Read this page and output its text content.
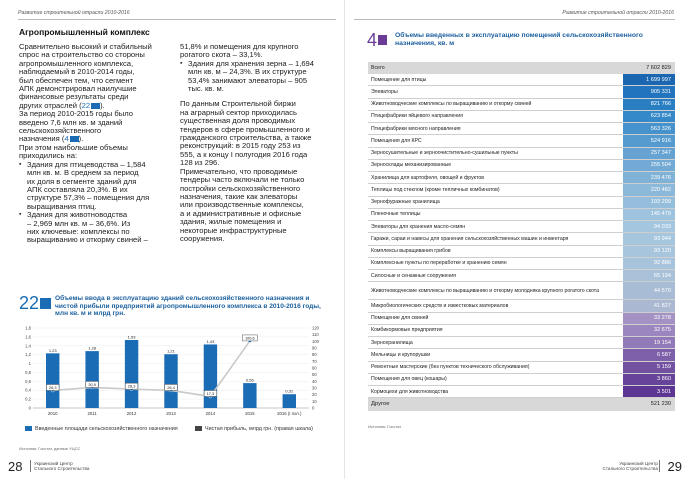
Развитие строительной отрасли 2010-2016
Агропромышленный комплекс
Сравнительно высокий и стабильный
спрос на строительство со стороны
агропромышленного комплекса,
наблюдаемый в 2010-2014 годы,
был обеспечен тем, что сегмент
АПК демонстрировал наилучшие
финансовые результаты среди
других отраслей (22 ).
За период 2010-2015 годы было
введено 7,6 млн кв. м зданий
сельскохозяйственного
назначения (4 ).
При этом наибольшие объемы
приходились на:
▪ Здания для птицеводства – 1,584
млн кв. м. В среднем за период
их доля в сегменте зданий для
АПК составляла 20,3%. В их
структуре 57,3% – помещения для
выращивания птиц.
▪ Здания для животноводства
– 2,969 млн кв. м – 36,6%. Из
них ключевые: комплексы по
выращиванию и откорму свиней –
51,8% и помещения для крупного
рогатого скота – 33,1%.
▪ Здания для хранения зерна – 1,694
млн кв. м – 24,3%. В их структуре
53,4% занимают элеваторы – 905
тыс. кв. м.
По данным Строительной биржи
на аграрный сектор приходилась
существенная доля проводимых
тендеров в сфере промышленного и
гражданского строительства, а также
реконструкций: в 2015 году 253 из
555, а к концу I полугодия 2016 года
128 из 296.
Примечательно, что проводимые
тендеры часто включали не только
постройки сельскохозяйственного
назначения, такие как элеваторы
или производственные комплексы,
а и административные и офисные
здания, жилые помещения и
некоторые инфраструктурные
сооружения.
22	Объемы ввода в эксплуатацию зданий сельскохозяйственного назначения и чистой прибыли предприятий агропромышленного комплекса в 2010-2016 годы, млн кв. м и млрд грн.
0
0,2
0,4
0,6
0,8
1
1,2
1,4
1,6
1,8
0
10
20
30
40
50
60
70
80
90
100
110
120
1,23	1,28
1,53
1,21
1,43
0,56
0,31
26,3
30,9	28,3	26,4
17,3
100,6
2010	2011	2012	2013	2014	2015	2016 (I пол.)
Введенные площади сельскохозяйственного назначения	Чистая прибыль, млрд грн. (правая шкала)
Источник: Госстат, данные УЦСС
28	Украинский Центр
Стального Строительства
Развитие строительной отрасли 2010-2016
4	Объемы введенных в эксплуатацию помещений сельскохозяйственного назначения, кв. м
Всего	7 602 829
Помещение для птицы	1 699 997
Элеваторы	905 331
Животноводческие комплексы по выращиванию и откорму свиней	821 766
Птицефабрики яйцевого направления	623 854
Птицефабрики мясного направления	563 326
Помещения для КРС	524 916
Зерносушительные и зерноочистительно-сушильные пункты	257 347
Зерносклады механизированные	255 504
Хранилища для картофеля, овощей и фруктов	239 476
Теплицы под стеклом (кроме тепличных комбинатов)	220 482
Зернофуражные хранилища	193 299
Пленочные теплицы	145 479
Элеваторы для хранения масло-семян	94 033
Гаражи, сараи и навесы для хранения сельскохозяйственных машин и инвентаря	93 944
Комплексы выращивания грибов	93 120
Комплексные пункты по переработке и хранению семян	92 886
Силосные и сенажные сооружения	65 194
Животноводческие комплексы по выращиванию и откорму молодняка крупного рогатого скота	44 570
Микробиологических средств и известковых материалов	41 827
Помещение для свиней	33 278
Комбикормовые предприятия	32 675
Зернохранилища	19 154
Мельницы и крупорушки	6 587
Ремонтные мастерские (без пунктов технического обслуживания)	5 159
Помещения для овец (кошары)	3 860
Кормоцехи для животноводства	3 501
Другое	521 230
Источник: Госстат
Украинский Центр
Стального Строительства 29
